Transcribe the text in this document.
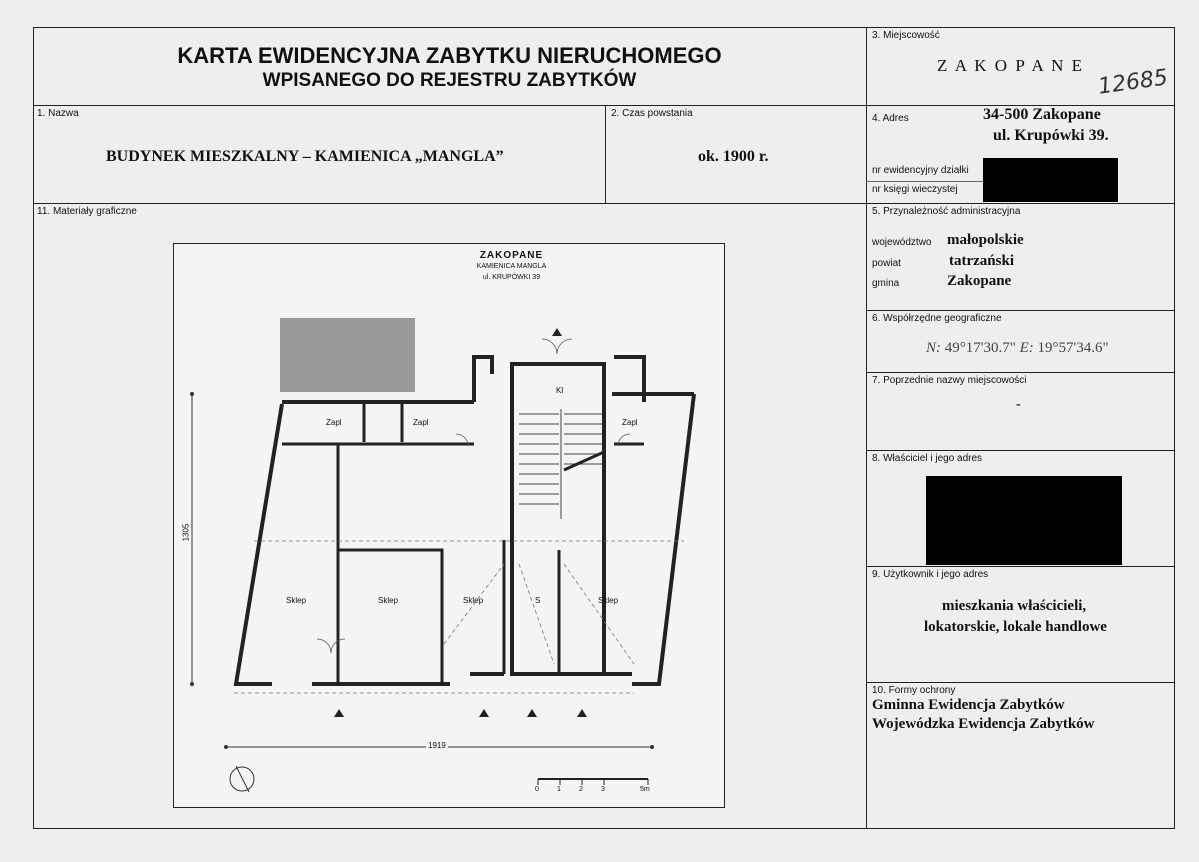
KARTA EWIDENCYJNA ZABYTKU NIERUCHOMEGO
WPISANEGO DO REJESTRU ZABYTKÓW
3. Miejscowość
Z A K O P A N E 12685
1. Nazwa
BUDYNEK MIESZKALNY – KAMIENICA „MANGLA”
2. Czas powstania
ok. 1900 r.
4. Adres	34-500 Zakopane
ul. Krupówki 39.
nr ewidencyjny działki
nr księgi wieczystej
11. Materiały graficzne	5. Przynależność administracyjna
województwo małopolskie
powiat	tatrzański
gmina	Zakopane
6. Współrzędne geograficzne
N: 49°17'30.7" E: 19°57'34.6"
7. Poprzednie nazwy miejscowości
-
8. Właściciel i jego adres
9. Użytkownik i jego adres
mieszkania właścicieli,
lokatorskie, lokale handlowe
10. Formy ochrony
Gminna Ewidencja Zabytków
Wojewódzka Ewidencja Zabytków
ZAKOPANE
KAMIENICA MANGLA
ul. KRUPÓWKI 39
Zapl	Zapl	Zapl
Kl
Sklep	Sklep	Sklep	S	Sklep
1305
1919
0	1	2	3	5m
